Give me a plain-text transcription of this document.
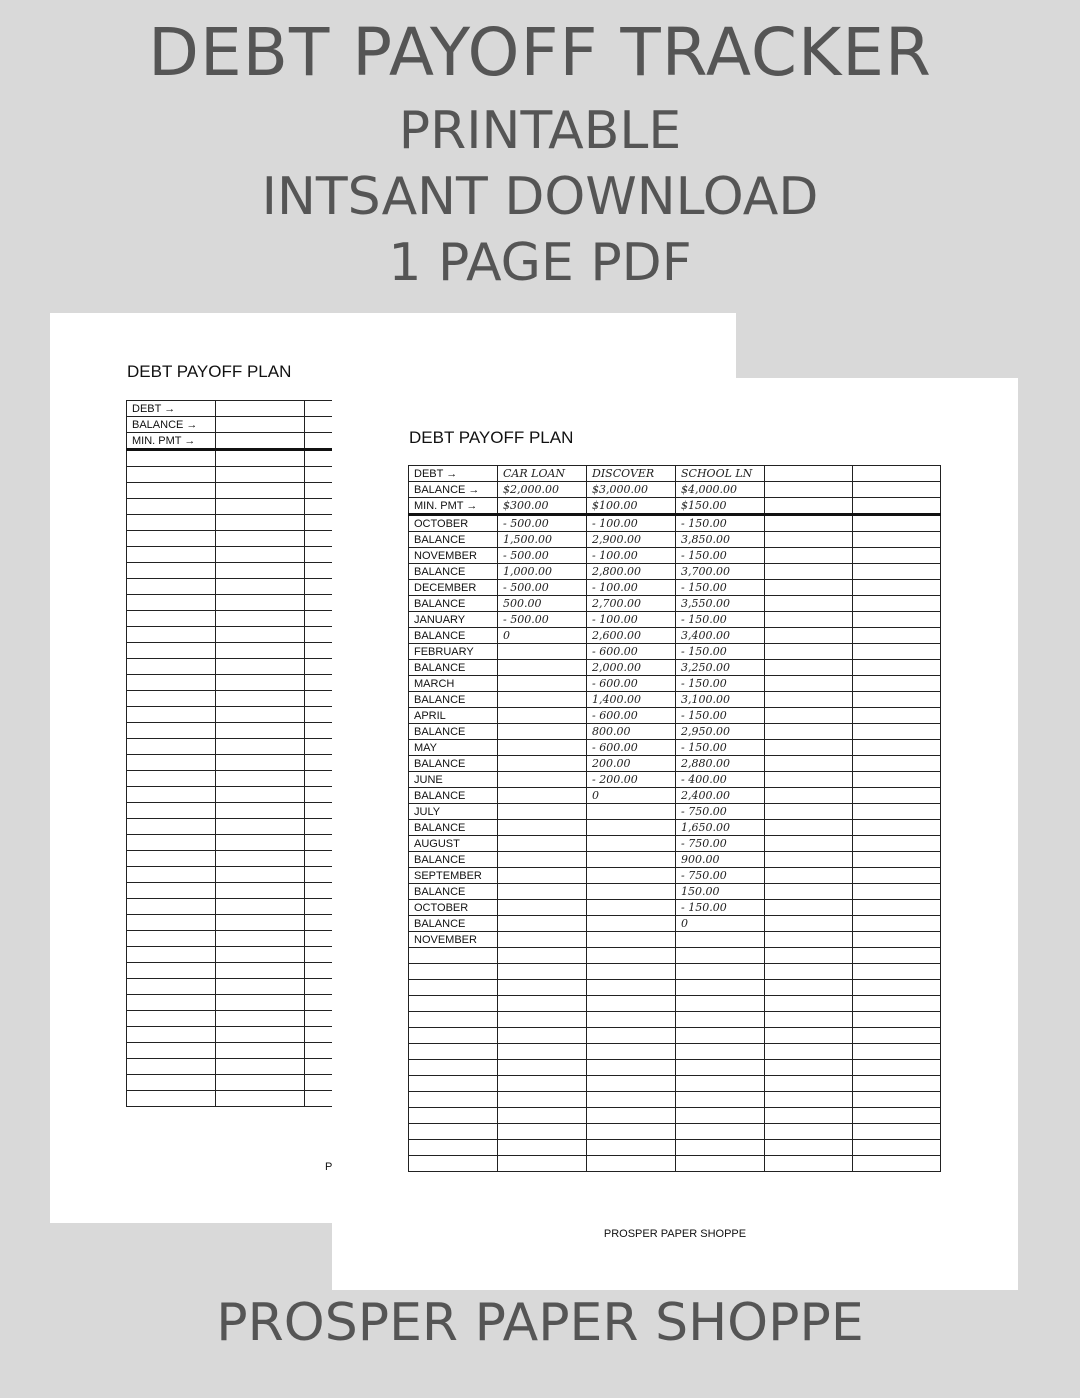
DEBT PAYOFF TRACKER
PRINTABLE
INTSANT DOWNLOAD
1 PAGE PDF
DEBT PAYOFF PLAN
DEBT →		
BALANCE →		
MIN. PMT →		

P
DEBT PAYOFF PLAN
DEBT →	CAR LOAN	DISCOVER	SCHOOL LN		
BALANCE →	$2,000.00	$3,000.00	$4,000.00		
MIN. PMT →	$300.00	$100.00	$150.00		
OCTOBER	- 500.00	- 100.00	- 150.00		
BALANCE	1,500.00	2,900.00	3,850.00		
NOVEMBER	- 500.00	- 100.00	- 150.00		
BALANCE	1,000.00	2,800.00	3,700.00		
DECEMBER	- 500.00	- 100.00	- 150.00		
BALANCE	500.00	2,700.00	3,550.00		
JANUARY	- 500.00	- 100.00	- 150.00		
BALANCE	0	2,600.00	3,400.00		
FEBRUARY		- 600.00	- 150.00		
BALANCE		2,000.00	3,250.00		
MARCH		- 600.00	- 150.00		
BALANCE		1,400.00	3,100.00		
APRIL		- 600.00	- 150.00		
BALANCE		800.00	2,950.00		
MAY		- 600.00	- 150.00		
BALANCE		200.00	2,880.00		
JUNE		- 200.00	- 400.00		
BALANCE		0	2,400.00		
JULY			- 750.00		
BALANCE			1,650.00		
AUGUST			- 750.00		
BALANCE			900.00		
SEPTEMBER			- 750.00		
BALANCE			150.00		
OCTOBER			- 150.00		
BALANCE			0		
NOVEMBER					

PROSPER PAPER SHOPPE
PROSPER PAPER SHOPPE
